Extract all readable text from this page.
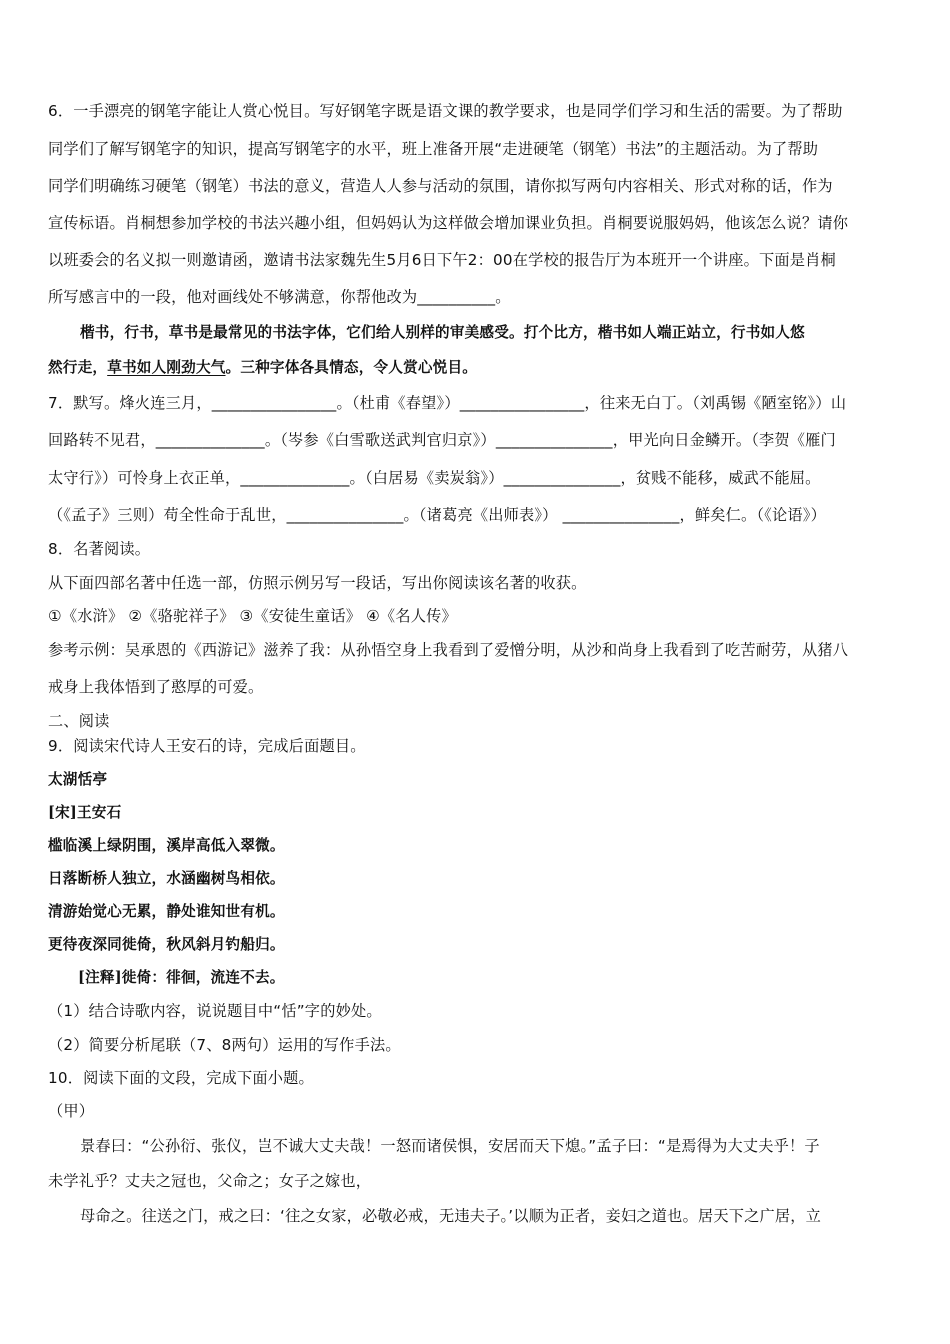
6．一手漂亮的钢笔字能让人赏心悦目。写好钢笔字既是语文课的教学要求，也是同学们学习和生活的需要。为了帮助
同学们了解写钢笔字的知识，提高写钢笔字的水平，班上准备开展“走进硬笔（钢笔）书法”的主题活动。为了帮助
同学们明确练习硬笔（钢笔）书法的意义，营造人人参与活动的氛围，请你拟写两句内容相关、形式对称的话，作为
宣传标语。肖桐想参加学校的书法兴趣小组，但妈妈认为这样做会增加课业负担。肖桐要说服妈妈，他该怎么说？请你
以班委会的名义拟一则邀请函，邀请书法家魏先生5月6日下午2：00在学校的报告厅为本班开一个讲座。下面是肖桐
所写感言中的一段，他对画线处不够满意，你帮他改为__________。
楷书，行书，草书是最常见的书法字体，它们给人别样的审美感受。打个比方，楷书如人端正站立，行书如人悠
然行走，草书如人刚劲大气。三种字体各具情态，令人赏心悦目。
7．默写。烽火连三月，________________。（杜甫《春望》）________________，往来无白丁。（刘禹锡《陋室铭》）山
回路转不见君，______________。（岑参《白雪歌送武判官归京》）_______________，甲光向日金鳞开。（李贺《雁门
太守行》）可怜身上衣正单，______________。（白居易《卖炭翁》）_______________，贫贱不能移，威武不能屈。
（《孟子》三则）苟全性命于乱世，_______________。（诸葛亮《出师表》） _______________，鲜矣仁。（《论语》）
8．名著阅读。
从下面四部名著中任选一部，仿照示例另写一段话，写出你阅读该名著的收获。
①《水浒》 ②《骆驼祥子》 ③《安徒生童话》 ④《名人传》
参考示例：吴承恩的《西游记》滋养了我：从孙悟空身上我看到了爱憎分明，从沙和尚身上我看到了吃苦耐劳，从猪八
戒身上我体悟到了憨厚的可爱。
二、阅读
9．阅读宋代诗人王安石的诗，完成后面题目。
太湖恬亭
[宋]王安石
槛临溪上绿阴围，溪岸高低入翠微。
日落断桥人独立，水涵幽树鸟相依。
清游始觉心无累，静处谁知世有机。
更待夜深同徙倚，秋风斜月钓船归。
[注释]徙倚：徘徊，流连不去。
（1）结合诗歌内容，说说题目中“恬”字的妙处。
（2）简要分析尾联（7、8两句）运用的写作手法。
10．阅读下面的文段，完成下面小题。
（甲）
景春曰：“公孙衍、张仪，岂不诚大丈夫哉！一怒而诸侯惧，安居而天下熄。”孟子曰：“是焉得为大丈夫乎！子
未学礼乎？丈夫之冠也，父命之；女子之嫁也，
母命之。往送之门，戒之曰：‘往之女家，必敬必戒，无违夫子。’以顺为正者，妾妇之道也。居天下之广居，立
